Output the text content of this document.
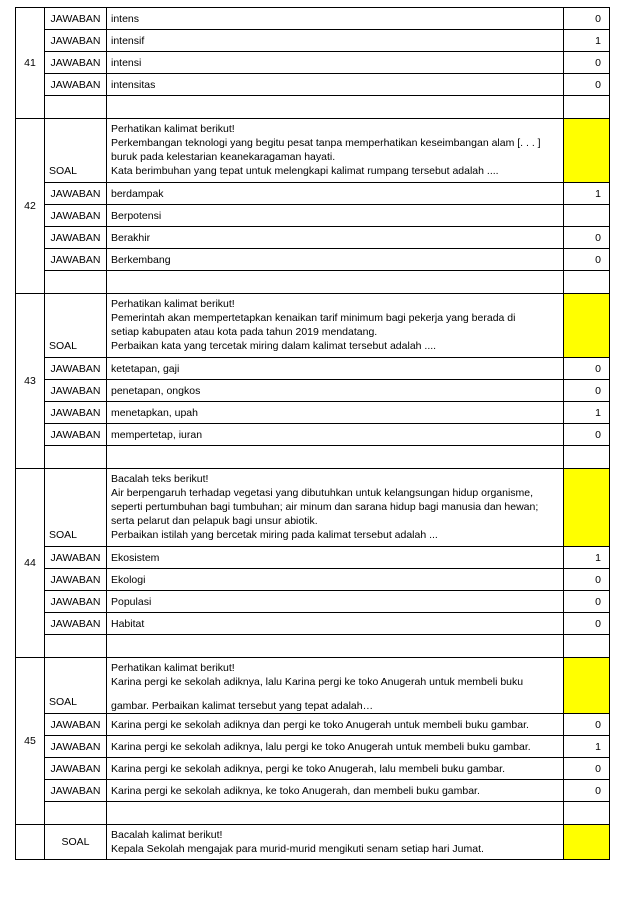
41	JAWABAN	intens	0
	JAWABAN	intensif	1
	JAWABAN	intensi	0
	JAWABAN	intensitas	0

42	SOAL	Perhatikan kalimat berikut!
Perkembangan teknologi yang begitu pesat tanpa memperhatikan keseimbangan alam [. . . ]
buruk pada kelestarian keanekaragaman hayati.
Kata berimbuhan yang tepat untuk melengkapi kalimat rumpang tersebut adalah ....	

	JAWABAN	berdampak	1
	JAWABAN	Berpotensi	
	JAWABAN	Berakhir	0
	JAWABAN	Berkembang	0

43	SOAL	Perhatikan kalimat berikut!
Pemerintah akan mempertetapkan kenaikan tarif minimum bagi pekerja yang berada di
setiap kabupaten atau kota pada tahun 2019 mendatang.
Perbaikan kata yang tercetak miring dalam kalimat tersebut adalah ....	

	JAWABAN	ketetapan, gaji	0
	JAWABAN	penetapan, ongkos	0
	JAWABAN	menetapkan, upah	1
	JAWABAN	mempertetap, iuran	0

44	SOAL	Bacalah teks berikut!
Air berpengaruh terhadap vegetasi yang dibutuhkan untuk kelangsungan hidup organisme,
seperti pertumbuhan bagi tumbuhan; air minum dan sarana hidup bagi manusia dan hewan;
serta pelarut dan pelapuk bagi unsur abiotik.
Perbaikan istilah yang bercetak miring pada kalimat tersebut adalah ...	

	JAWABAN	Ekosistem	1
	JAWABAN	Ekologi	0
	JAWABAN	Populasi	0
	JAWABAN	Habitat	0

45	SOAL	Perhatikan kalimat berikut!
Karina pergi ke sekolah adiknya, lalu Karina pergi ke toko Anugerah untuk membeli buku
gambar. Perbaikan kalimat tersebut yang tepat adalah…	

	JAWABAN	Karina pergi ke sekolah adiknya dan pergi ke toko Anugerah untuk membeli buku gambar.	0
	JAWABAN	Karina pergi ke sekolah adiknya, lalu pergi ke toko Anugerah untuk membeli buku gambar.	1
	JAWABAN	Karina pergi ke sekolah adiknya, pergi ke toko Anugerah, lalu membeli buku gambar.	0
	JAWABAN	Karina pergi ke sekolah adiknya, ke toko Anugerah, dan membeli buku gambar.	0

	SOAL	Bacalah kalimat berikut!
Kepala Sekolah mengajak para murid-murid mengikuti senam setiap hari Jumat.	
